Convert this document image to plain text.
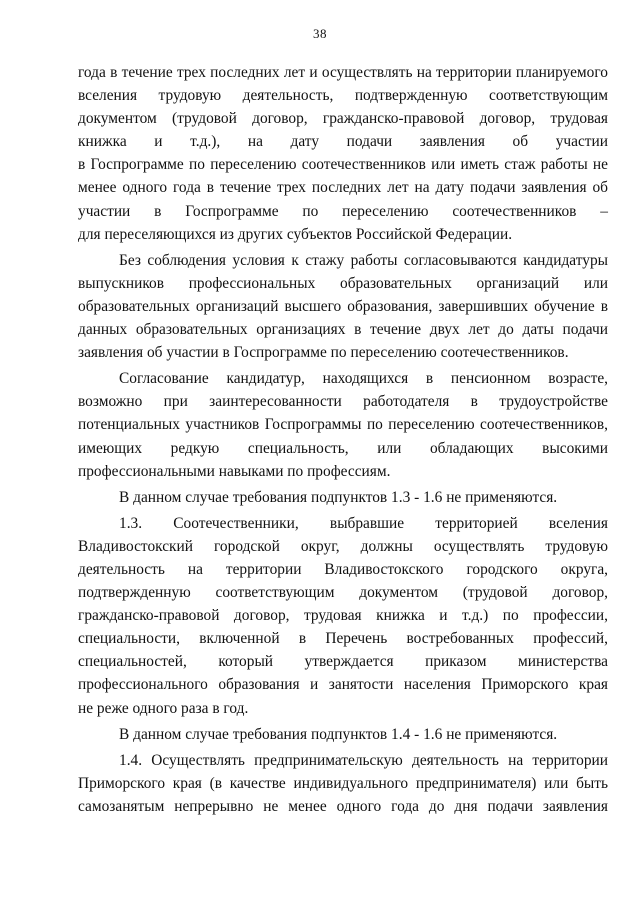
38
года в течение трех последних лет и осуществлять на территории планируемого
вселения трудовую деятельность, подтвержденную соответствующим
документом (трудовой договор, гражданско-правовой договор, трудовая
книжка и т.д.), на дату подачи заявления об участии
в Госпрограмме по переселению соотечественников или иметь стаж работы не
менее одного года в течение трех последних лет на дату подачи заявления об
участии в Госпрограмме по переселению соотечественников –
для переселяющихся из других субъектов Российской Федерации.
Без соблюдения условия к стажу работы согласовываются кандидатуры
выпускников профессиональных образовательных организаций или
образовательных организаций высшего образования, завершивших обучение в
данных образовательных организациях в течение двух лет до даты подачи
заявления об участии в Госпрограмме по переселению соотечественников.
Согласование кандидатур, находящихся в пенсионном возрасте,
возможно при заинтересованности работодателя в трудоустройстве
потенциальных участников Госпрограммы по переселению соотечественников,
имеющих редкую специальность, или обладающих высокими
профессиональными навыками по профессиям.
В данном случае требования подпунктов 1.3 - 1.6 не применяются.
1.3. Соотечественники, выбравшие территорией вселения
Владивостокский городской округ, должны осуществлять трудовую
деятельность на территории Владивостокского городского округа,
подтвержденную соответствующим документом (трудовой договор,
гражданско-правовой договор, трудовая книжка и т.д.) по профессии,
специальности, включенной в Перечень востребованных профессий,
специальностей, который утверждается приказом министерства
профессионального образования и занятости населения Приморского края
не реже одного раза в год.
В данном случае требования подпунктов 1.4 - 1.6 не применяются.
1.4. Осуществлять предпринимательскую деятельность на территории
Приморского края (в качестве индивидуального предпринимателя) или быть
самозанятым непрерывно не менее одного года до дня подачи заявления
